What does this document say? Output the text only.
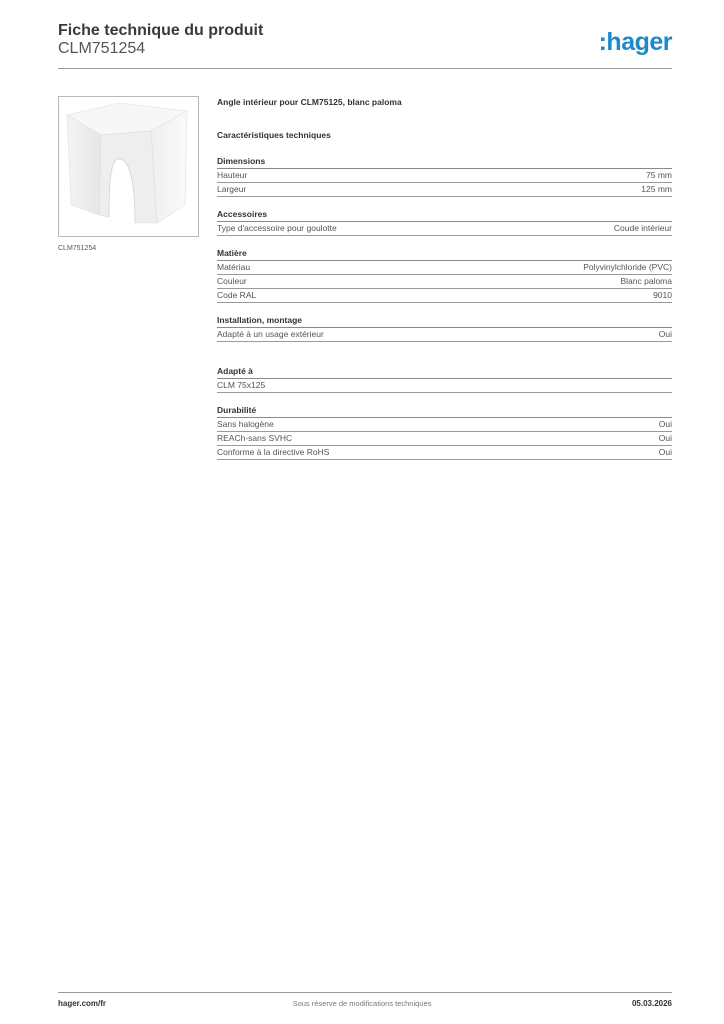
Fiche technique du produit
CLM751254	:hager
CLM751254
Angle intérieur pour CLM75125, blanc paloma
Caractéristiques techniques
Dimensions
Hauteur	75 mm
Largeur	125 mm
Accessoires
Type d'accessoire pour goulotte	Coude intérieur
Matière
Matériau	Polyvinylchloride (PVC)
Couleur	Blanc paloma
Code RAL	9010
Installation, montage
Adapté à un usage extérieur	Oui
Adapté à
CLM 75x125
Durabilité
Sans halogène	Oui
REACh-sans SVHC	Oui
Conforme à la directive RoHS	Oui
hager.com/fr	Sous réserve de modifications techniques	05.03.2026
